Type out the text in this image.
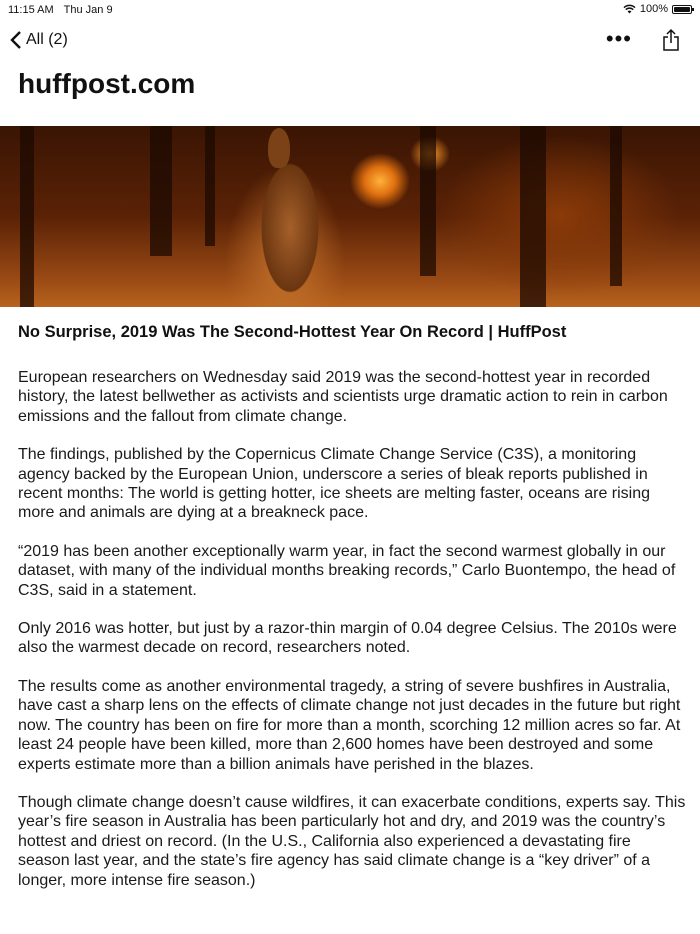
11:15 AM Thu Jan 9	100%
All (2)	•••
huffpost.com
No Surprise, 2019 Was The Second-Hottest Year On Record | HuffPost

European researchers on Wednesday said 2019 was the second-hottest year in recorded history, the latest bellwether as activists and scientists urge dramatic action to rein in carbon emissions and the fallout from climate change.

The findings, published by the Copernicus Climate Change Service (C3S), a monitoring agency backed by the European Union, underscore a series of bleak reports published in recent months: The world is getting hotter, ice sheets are melting faster, oceans are rising more and animals are dying at a breakneck pace.

“2019 has been another exceptionally warm year, in fact the second warmest globally in our dataset, with many of the individual months breaking records,” Carlo Buontempo, the head of C3S, said in a statement.

Only 2016 was hotter, but just by a razor-thin margin of 0.04 degree Celsius. The 2010s were also the warmest decade on record, researchers noted.

The results come as another environmental tragedy, a string of severe bushfires in Australia, have cast a sharp lens on the effects of climate change not just decades in the future but right now. The country has been on fire for more than a month, scorching 12 million acres so far. At least 24 people have been killed, more than 2,600 homes have been destroyed and some experts estimate more than a billion animals have perished in the blazes.

Though climate change doesn’t cause wildfires, it can exacerbate conditions, experts say. This year’s fire season in Australia has been particularly hot and dry, and 2019 was the country’s hottest and driest on record. (In the U.S., California also experienced a devastating fire season last year, and the state’s fire agency has said climate change is a “key driver” of a longer, more intense fire season.)
